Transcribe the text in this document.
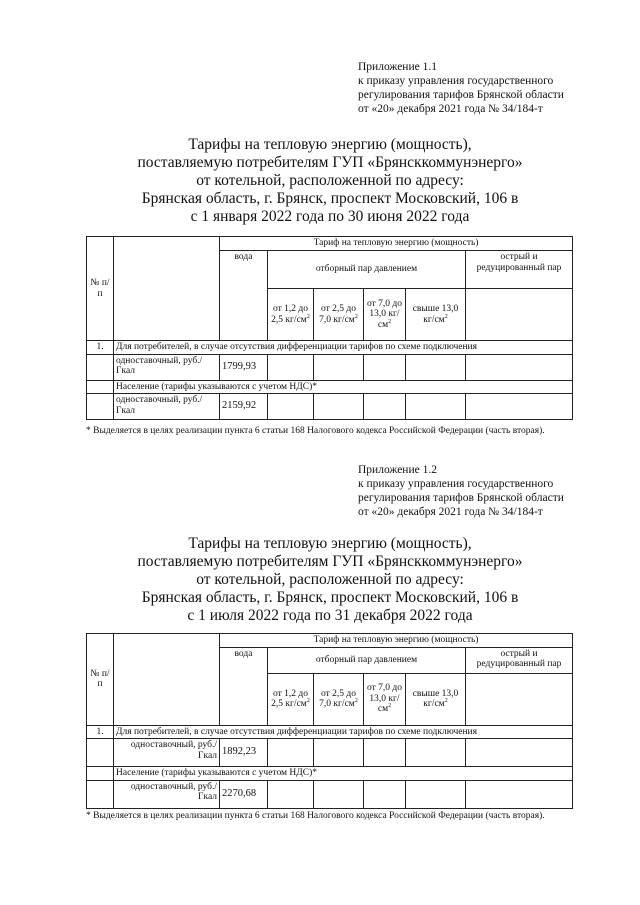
Приложение 1.1
к приказу управления государственного
регулирования тарифов Брянской области
от «20» декабря 2021 года № 34/184-т
Тарифы на тепловую энергию (мощность),
поставляемую потребителям ГУП «Брянсккоммунэнерго»
от котельной, расположенной по адресу:
Брянская область, г. Брянск, проспект Московский, 106 в
с 1 января 2022 года по 30 июня 2022 года
№ п/п		Тариф на тепловую энергию (мощность)					
		вода	отборный пар давлением				острый и редуцированный пар
			от 1,2 до 2,5 $кг/см^2$	от 2,5 до 7,0 $кг/см^2$	от 7,0 до 13,0 $кг/см^2$	свыше 13,0 $кг/см^2$	
1.	Для потребителей, в случае отсутствия дифференциации тарифов по схеме подключения						
	одноставочный, руб./Гкал	1799,93					
	Население (тарифы указываются с учетом НДС)*						
	одноставочный, руб./Гкал	2159,92					
* Выделяется в целях реализации пункта 6 статьи 168 Налогового кодекса Российской Федерации (часть вторая).
Приложение 1.2
к приказу управления государственного
регулирования тарифов Брянской области
от «20» декабря 2021 года № 34/184-т
Тарифы на тепловую энергию (мощность),
поставляемую потребителям ГУП «Брянсккоммунэнерго»
от котельной, расположенной по адресу:
Брянская область, г. Брянск, проспект Московский, 106 в
с 1 июля 2022 года по 31 декабря 2022 года
№ п/п		Тариф на тепловую энергию (мощность)					
		вода	отборный пар давлением				острый и редуцированный пар
			от 1,2 до 2,5 $кг/см^2$	от 2,5 до 7,0 $кг/см^2$	от 7,0 до 13,0 $кг/см^2$	свыше 13,0 $кг/см^2$	
1.	Для потребителей, в случае отсутствия дифференциации тарифов по схеме подключения						
	одноставочный, руб./Гкал	1892,23					
	Население (тарифы указываются с учетом НДС)*						
	одноставочный, руб./Гкал	2270,68					
* Выделяется в целях реализации пункта 6 статьи 168 Налогового кодекса Российской Федерации (часть вторая).
